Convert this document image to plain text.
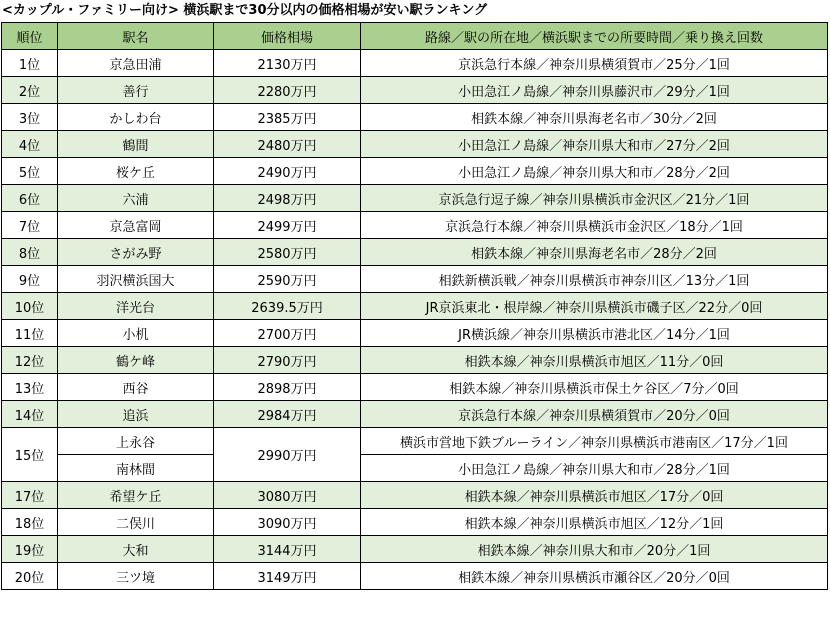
<カップル・ファミリー向け> 横浜駅まで30分以内の価格相場が安い駅ランキング
順位	駅名	価格相場	路線／駅の所在地／横浜駅までの所要時間／乗り換え回数
1位	京急田浦	2130万円	京浜急行本線／神奈川県横須賀市／25分／1回
2位	善行	2280万円	小田急江ノ島線／神奈川県藤沢市／29分／1回
3位	かしわ台	2385万円	相鉄本線／神奈川県海老名市／30分／2回
4位	鶴間	2480万円	小田急江ノ島線／神奈川県大和市／27分／2回
5位	桜ケ丘	2490万円	小田急江ノ島線／神奈川県大和市／28分／2回
6位	六浦	2498万円	京浜急行逗子線／神奈川県横浜市金沢区／21分／1回
7位	京急富岡	2499万円	京浜急行本線／神奈川県横浜市金沢区／18分／1回
8位	さがみ野	2580万円	相鉄本線／神奈川県海老名市／28分／2回
9位	羽沢横浜国大	2590万円	相鉄新横浜戦／神奈川県横浜市神奈川区／13分／1回
10位	洋光台	2639.5万円	JR京浜東北・根岸線／神奈川県横浜市磯子区／22分／0回
11位	小机	2700万円	JR横浜線／神奈川県横浜市港北区／14分／1回
12位	鶴ケ峰	2790万円	相鉄本線／神奈川県横浜市旭区／11分／0回
13位	西谷	2898万円	相鉄本線／神奈川県横浜市保土ケ谷区／7分／0回
14位	追浜	2984万円	京浜急行本線／神奈川県横須賀市／20分／0回
15位	上永谷	2990万円	横浜市営地下鉄ブルーライン／神奈川県横浜市港南区／17分／1回
	南林間		小田急江ノ島線／神奈川県大和市／28分／1回
17位	希望ケ丘	3080万円	相鉄本線／神奈川県横浜市旭区／17分／0回
18位	二俣川	3090万円	相鉄本線／神奈川県横浜市旭区／12分／1回
19位	大和	3144万円	相鉄本線／神奈川県大和市／20分／1回
20位	三ツ境	3149万円	相鉄本線／神奈川県横浜市瀬谷区／20分／0回
